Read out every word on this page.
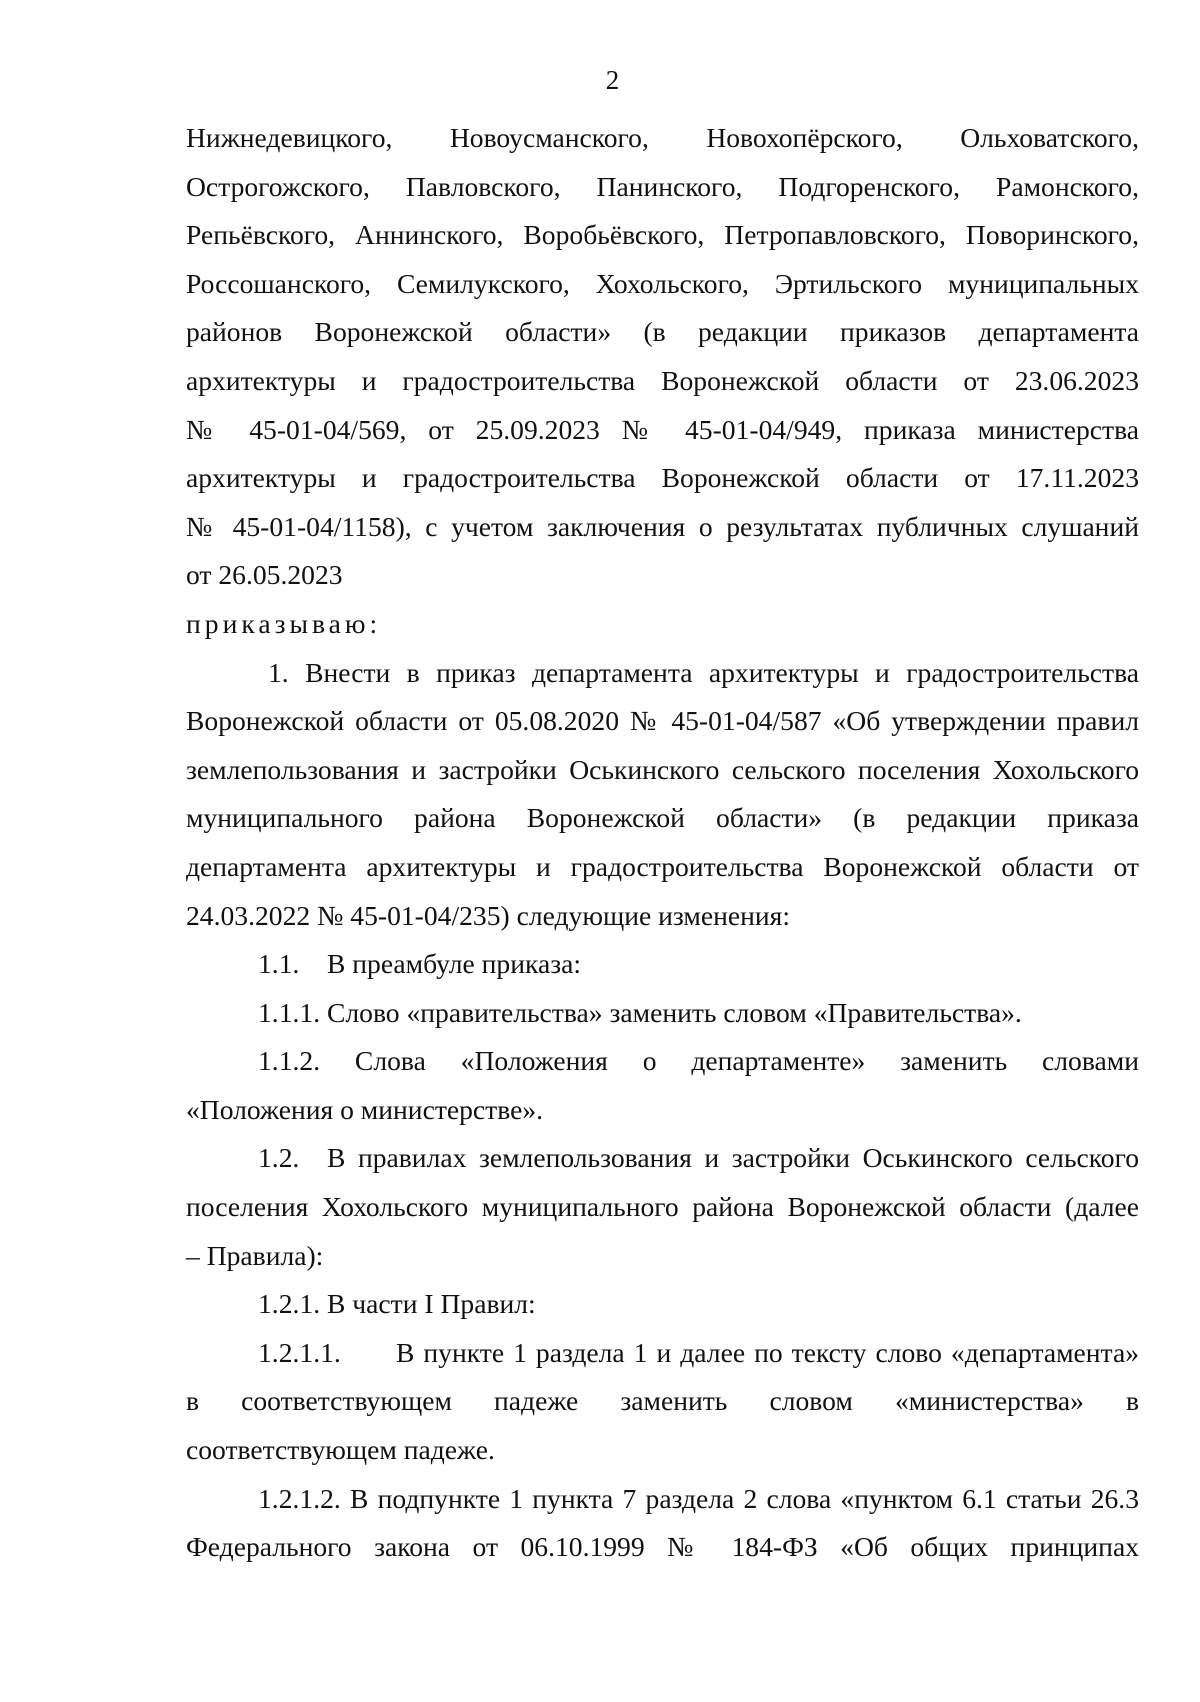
2

Нижнедевицкого, Новоусманского, Новохопёрского, Ольховатского,
Острогожского, Павловского, Панинского, Подгоренского, Рамонского,
Репьёвского, Аннинского, Воробьёвского, Петропавловского, Поворинского,
Россошанского, Семилукского, Хохольского, Эртильского муниципальных
районов Воронежской области» (в редакции приказов департамента
архитектуры и градостроительства Воронежской области от 23.06.2023
№ 45-01-04/569, от 25.09.2023 № 45-01-04/949, приказа министерства
архитектуры и градостроительства Воронежской области от 17.11.2023
№ 45-01-04/1158), с учетом заключения о результатах публичных слушаний
от 26.05.2023

приказываю:

1. Внести в приказ департамента архитектуры и градостроительства
Воронежской области от 05.08.2020 № 45-01-04/587 «Об утверждении правил
землепользования и застройки Оськинского сельского поселения Хохольского
муниципального района Воронежской области» (в редакции приказа
департамента архитектуры и градостроительства Воронежской области от
24.03.2022 № 45-01-04/235) следующие изменения:

1.1. В преамбуле приказа:

1.1.1. Слово «правительства» заменить словом «Правительства».

1.1.2. Слова «Положения о департаменте» заменить словами
«Положения о министерстве».

1.2. В правилах землепользования и застройки Оськинского сельского
поселения Хохольского муниципального района Воронежской области (далее
– Правила):

1.2.1. В части I Правил:

1.2.1.1.  В пункте 1 раздела 1 и далее по тексту слово «департамента»
в соответствующем падеже заменить словом «министерства» в
соответствующем падеже.

1.2.1.2. В подпункте 1 пункта 7 раздела 2 слова «пунктом 6.1 статьи 26.3
Федерального закона от 06.10.1999 № 184-ФЗ «Об общих принципах
